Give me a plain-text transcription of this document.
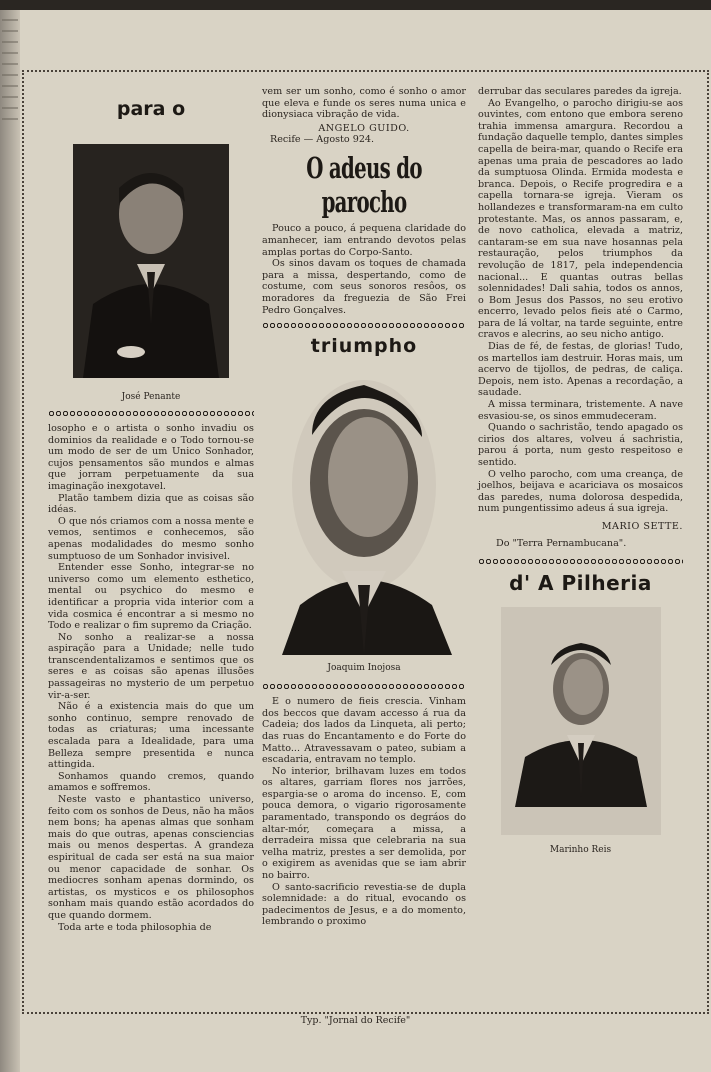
para o

José Penante

losopho e o artista o sonho invadiu os dominios da realidade e o Todo tornou-se um modo de ser de um Unico Sonhador, cujos pensamentos são mundos e almas que jorram perpetuamente da sua imaginação inexgotavel.

Platão tambem dizia que as coisas são idéas.

O que nós criamos com a nossa mente e vemos, sentimos e conhecemos, são apenas modalidades do mesmo sonho sumptuoso de um Sonhador invisivel.

Entender esse Sonho, integrar-se no universo como um elemento esthetico, mental ou psychico do mesmo e identificar a propria vida interior com a vida cosmica é encontrar a si mesmo no Todo e realizar o fim supremo da Criação.

No sonho a realizar-se a nossa aspiração para a Unidade; nelle tudo transcendentalizamos e sentimos que os seres e as coisas são apenas illusões passageiras no mysterio de um perpetuo vir-a-ser.

Não é a existencia mais do que um sonho continuo, sempre renovado de todas as criaturas; uma incessante escalada para a Idealidade, para uma Belleza sempre presentida e nunca attingida.

Sonhamos quando cremos, quando amamos e soffremos.

Neste vasto e phantastico universo, feito com os sonhos de Deus, não ha mãos nem bons; ha apenas almas que sonham mais do que outras, apenas consciencias mais ou menos despertas. A grandeza espiritual de cada ser está na sua maior ou menor capacidade de sonhar. Os mediocres sonham apenas dormindo, os artistas, os mysticos e os philosophos sonham mais quando estão acordados do que quando dormem.

Toda arte e toda philosophia de

vem ser um sonho, como é sonho o amor que eleva e funde os seres numa unica e dionysiaca vibração de vida.

ANGELO GUIDO.

Recife — Agosto 924.

O adeus do parocho

Pouco a pouco, á pequena claridade do amanhecer, iam entrando devotos pelas amplas portas do Corpo-Santo.

Os sinos davam os toques de chamada para a missa, despertando, como de costume, com seus sonoros resôos, os moradores da freguezia de São Frei Pedro Gonçalves.

triumpho

Joaquim Inojosa

E o numero de fieis crescia. Vinham dos beccos que davam accesso á rua da Cadeia; dos lados da Linqueta, ali perto; das ruas do Encantamento e do Forte do Matto... Atravessavam o pateo, subiam a escadaria, entravam no templo.

No interior, brilhavam luzes em todos os altares, garriam flores nos jarrões, espargia-se o aroma do incenso. E, com pouca demora, o vigario rigorosamente paramentado, transpondo os degráos do altar-mór, começara a missa, a derradeira missa que celebraria na sua velha matriz, prestes a ser demolida, por o exigirem as avenidas que se iam abrir no bairro.

O santo-sacrificio revestia-se de dupla solemnidade: a do ritual, evocando os padecimentos de Jesus, e a do momento, lembrando o proximo

derrubar das seculares paredes da igreja.

Ao Evangelho, o parocho dirigiu-se aos ouvintes, com entono que embora sereno trahia immensa amargura. Recordou a fundação daquelle templo, dantes simples capella de beira-mar, quando o Recife era apenas uma praia de pescadores ao lado da sumptuosa Olinda. Ermida modesta e branca. Depois, o Recife progredira e a capella tornara-se igreja. Vieram os hollandezes e transformaram-na em culto protestante. Mas, os annos passaram, e, de novo catholica, elevada a matriz, cantaram-se em sua nave hosannas pela restauração, pelos triumphos da revolução de 1817, pela independencia nacional... E quantas outras bellas solennidades! Dali sahia, todos os annos, o Bom Jesus dos Passos, no seu erotivo encerro, levado pelos fieis até o Carmo, para de lá voltar, na tarde seguinte, entre cravos e alecrins, ao seu nicho antigo.

Dias de fé, de festas, de glorias! Tudo, os martellos iam destruir. Horas mais, um acervo de tijollos, de pedras, de caliça. Depois, nem isto. Apenas a recordação, a saudade.

A missa terminara, tristemente. A nave esvasiou-se, os sinos emmudeceram.

Quando o sachristão, tendo apagado os cirios dos altares, volveu á sachristia, parou á porta, num gesto respeitoso e sentido.

O velho parocho, com uma creança, de joelhos, beijava e acariciava os mosaicos das paredes, numa dolorosa despedida, num pungentissimo adeus á sua igreja.

MARIO SETTE.

Do "Terra Pernambucana".

d' A Pilheria

Marinho Reis

Typ. "Jornal do Recife"
